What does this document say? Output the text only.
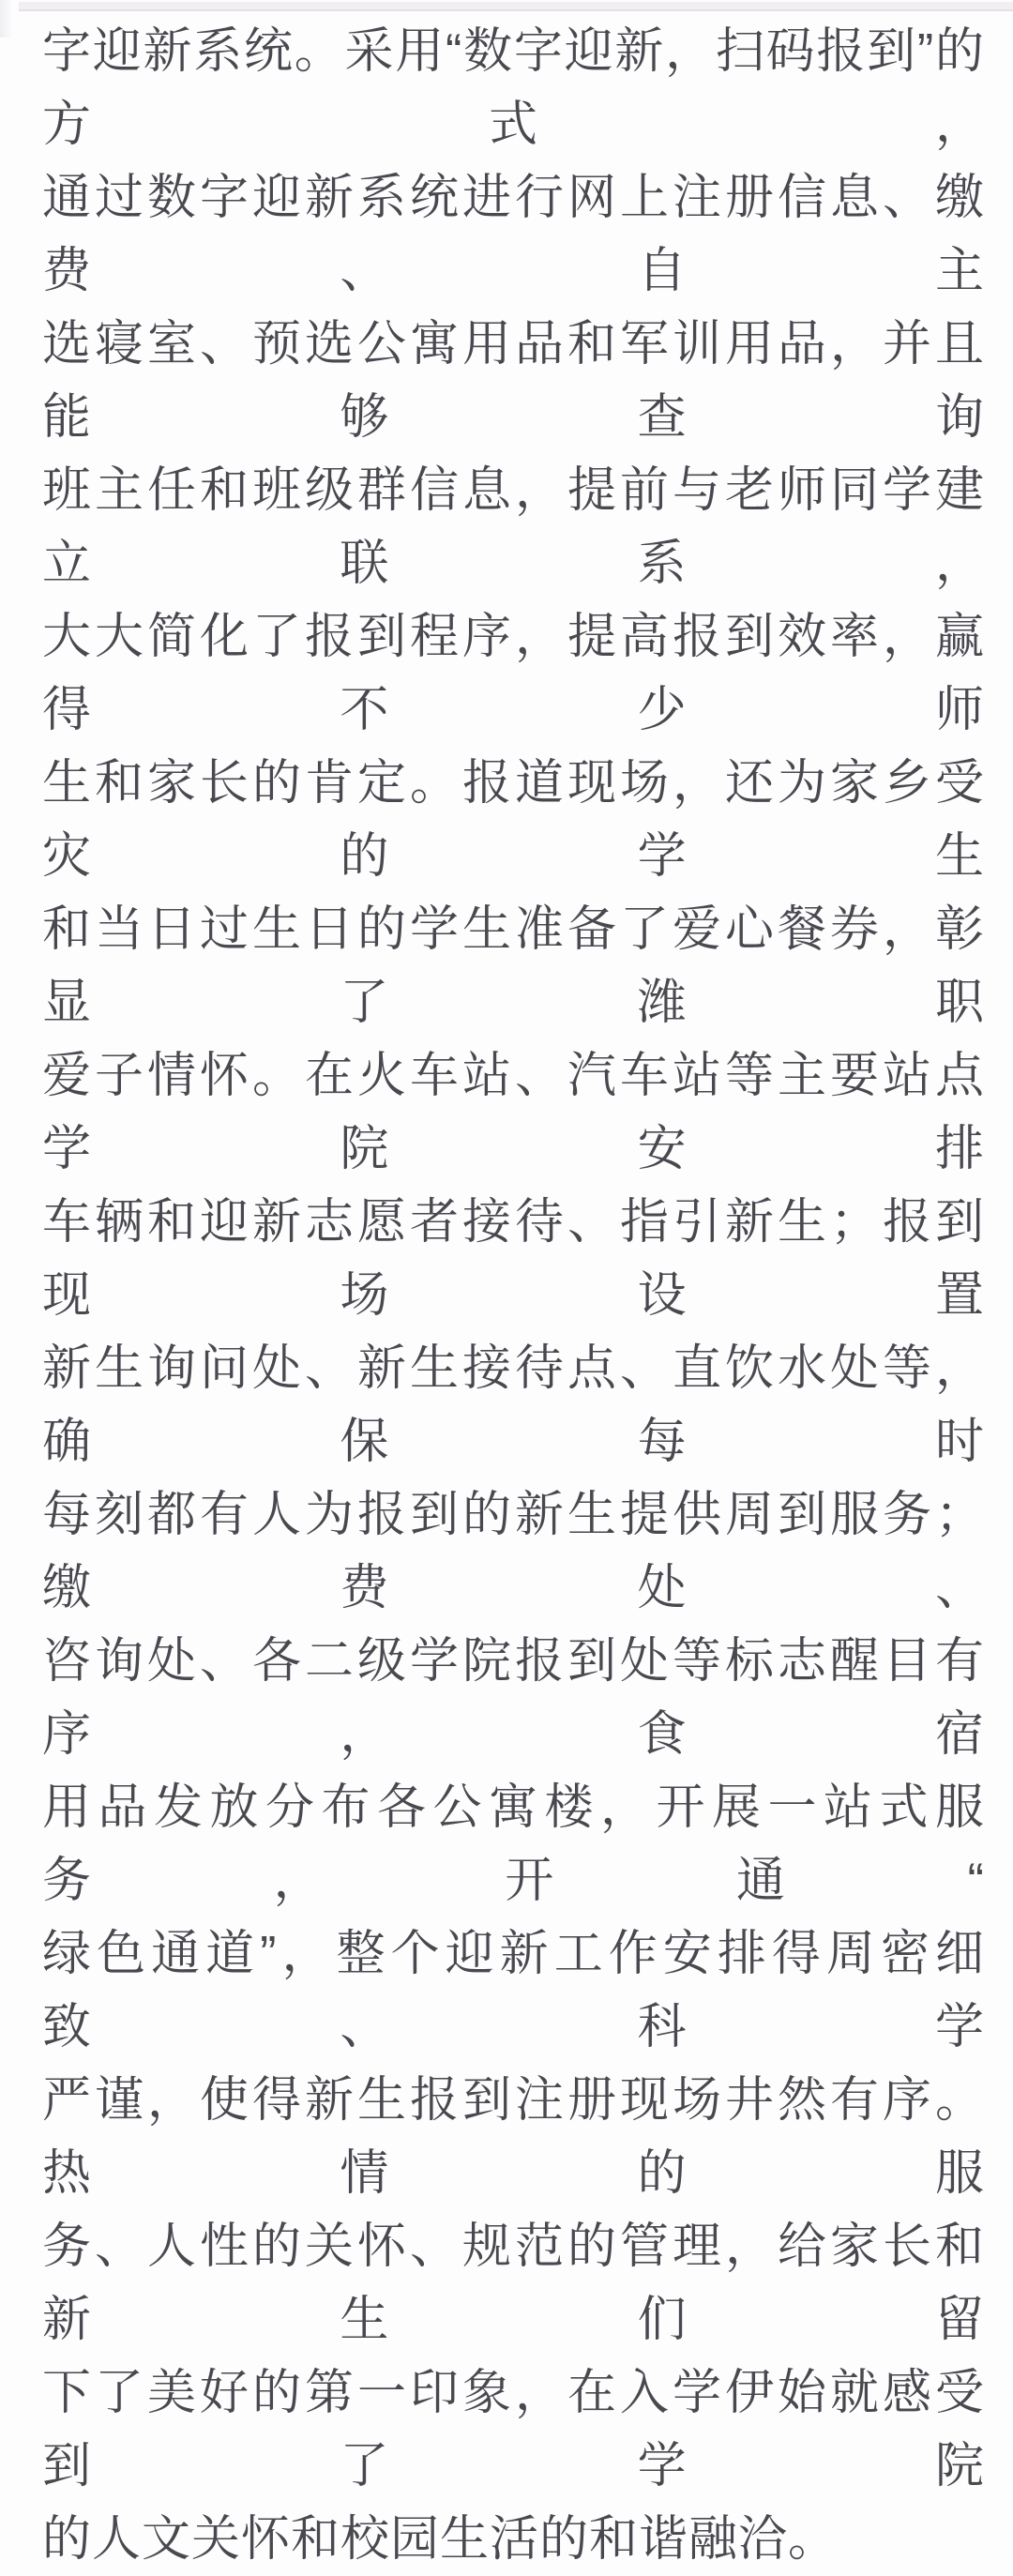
字迎新系统。采用“数字迎新，扫码报到”的方式，
通过数字迎新系统进行网上注册信息、缴费、自主
选寝室、预选公寓用品和军训用品，并且能够查询
班主任和班级群信息，提前与老师同学建立联系，
大大简化了报到程序，提高报到效率，赢得不少师
生和家长的肯定。报道现场，还为家乡受灾的学生
和当日过生日的学生准备了爱心餐券，彰显了潍职
爱子情怀。在火车站、汽车站等主要站点学院安排
车辆和迎新志愿者接待、指引新生；报到现场设置
新生询问处、新生接待点、直饮水处等，确保每时
每刻都有人为报到的新生提供周到服务；缴费处、
咨询处、各二级学院报到处等标志醒目有序，食宿
用品发放分布各公寓楼，开展一站式服务，开通“
绿色通道”，整个迎新工作安排得周密细致、科学
严谨，使得新生报到注册现场井然有序。热情的服
务、人性的关怀、规范的管理，给家长和新生们留
下了美好的第一印象，在入学伊始就感受到了学院
的人文关怀和校园生活的和谐融洽。
